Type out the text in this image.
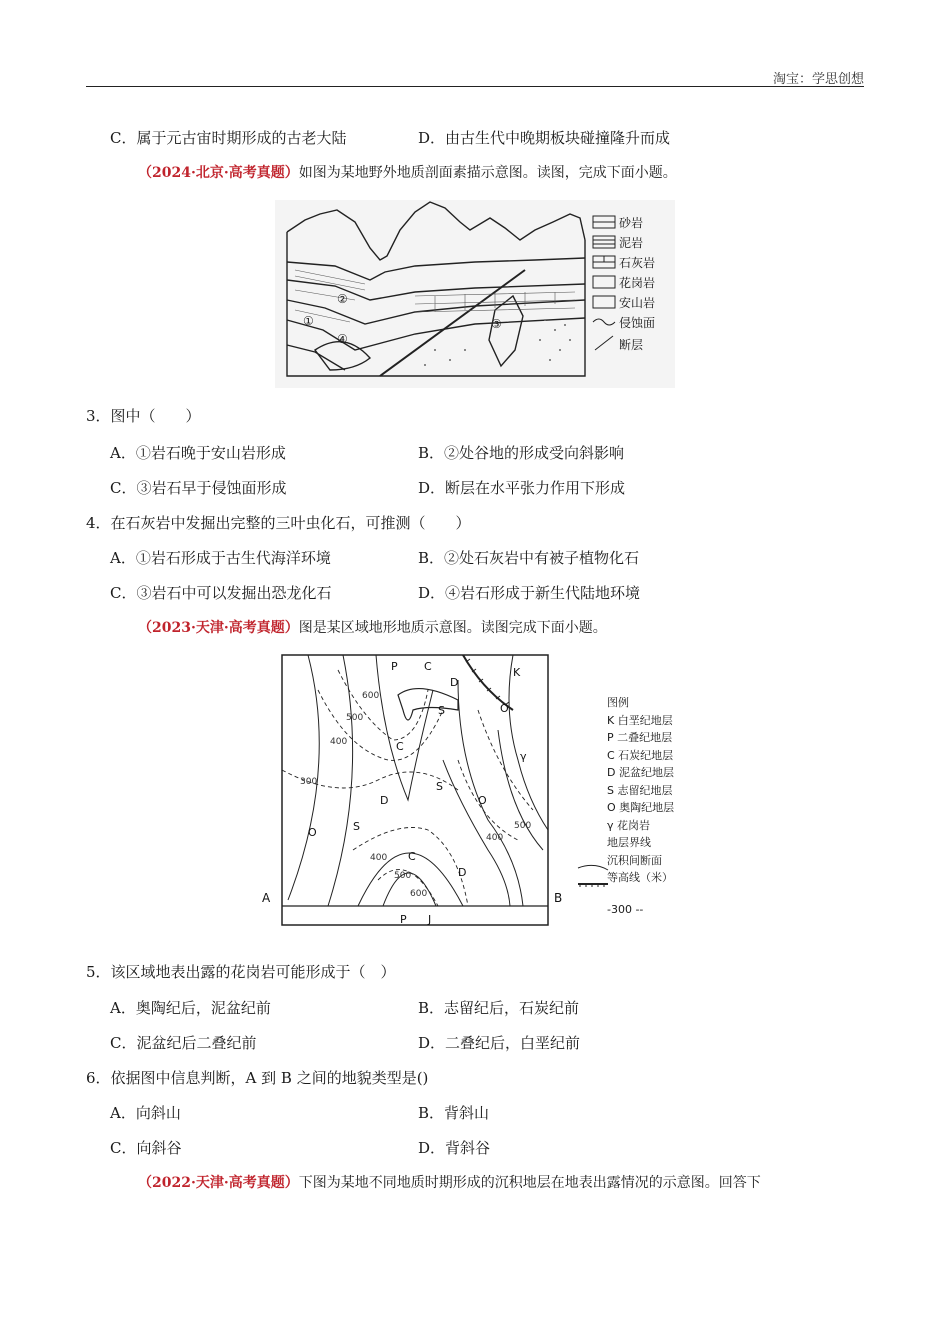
淘宝：学思创想
C．属于元古宙时期形成的古老大陆	D．由古生代中晚期板块碰撞隆升而成
（2024·北京·高考真题）如图为某地野外地质剖面素描示意图。读图，完成下面小题。
①
②
③
④
砂岩
泥岩
石灰岩
花岗岩
安山岩
侵蚀面
断层
3．图中（　　）
A．①岩石晚于安山岩形成	B．②处谷地的形成受向斜影响
C．③岩石早于侵蚀面形成	D．断层在水平张力作用下形成
4．在石灰岩中发掘出完整的三叶虫化石，可推测（　　）
A．①岩石形成于古生代海洋环境	B．②处石灰岩中有被子植物化石
C．③岩石中可以发掘出恐龙化石	D．④岩石形成于新生代陆地环境
（2023·天津·高考真题）图是某区域地形地质示意图。读图完成下面小题。
P C
D
S	O
K
γ
C
D
S
O
S
O
C
D
P J
600
500
400
300
400
500
600
400
500
A	B
图例
K 白垩纪地层
P 二叠纪地层
C 石炭纪地层
D 泥盆纪地层
S 志留纪地层
O 奥陶纪地层
γ 花岗岩
地层界线
沉积间断面
等高线（米）
-300 --
5．该区域地表出露的花岗岩可能形成于（　）
A．奥陶纪后，泥盆纪前	B．志留纪后，石炭纪前
C．泥盆纪后二叠纪前	D．二叠纪后，白垩纪前
6．依据图中信息判断，A 到 B 之间的地貌类型是()
A．向斜山	B．背斜山
C．向斜谷	D．背斜谷
（2022·天津·高考真题）下图为某地不同地质时期形成的沉积地层在地表出露情况的示意图。回答下
